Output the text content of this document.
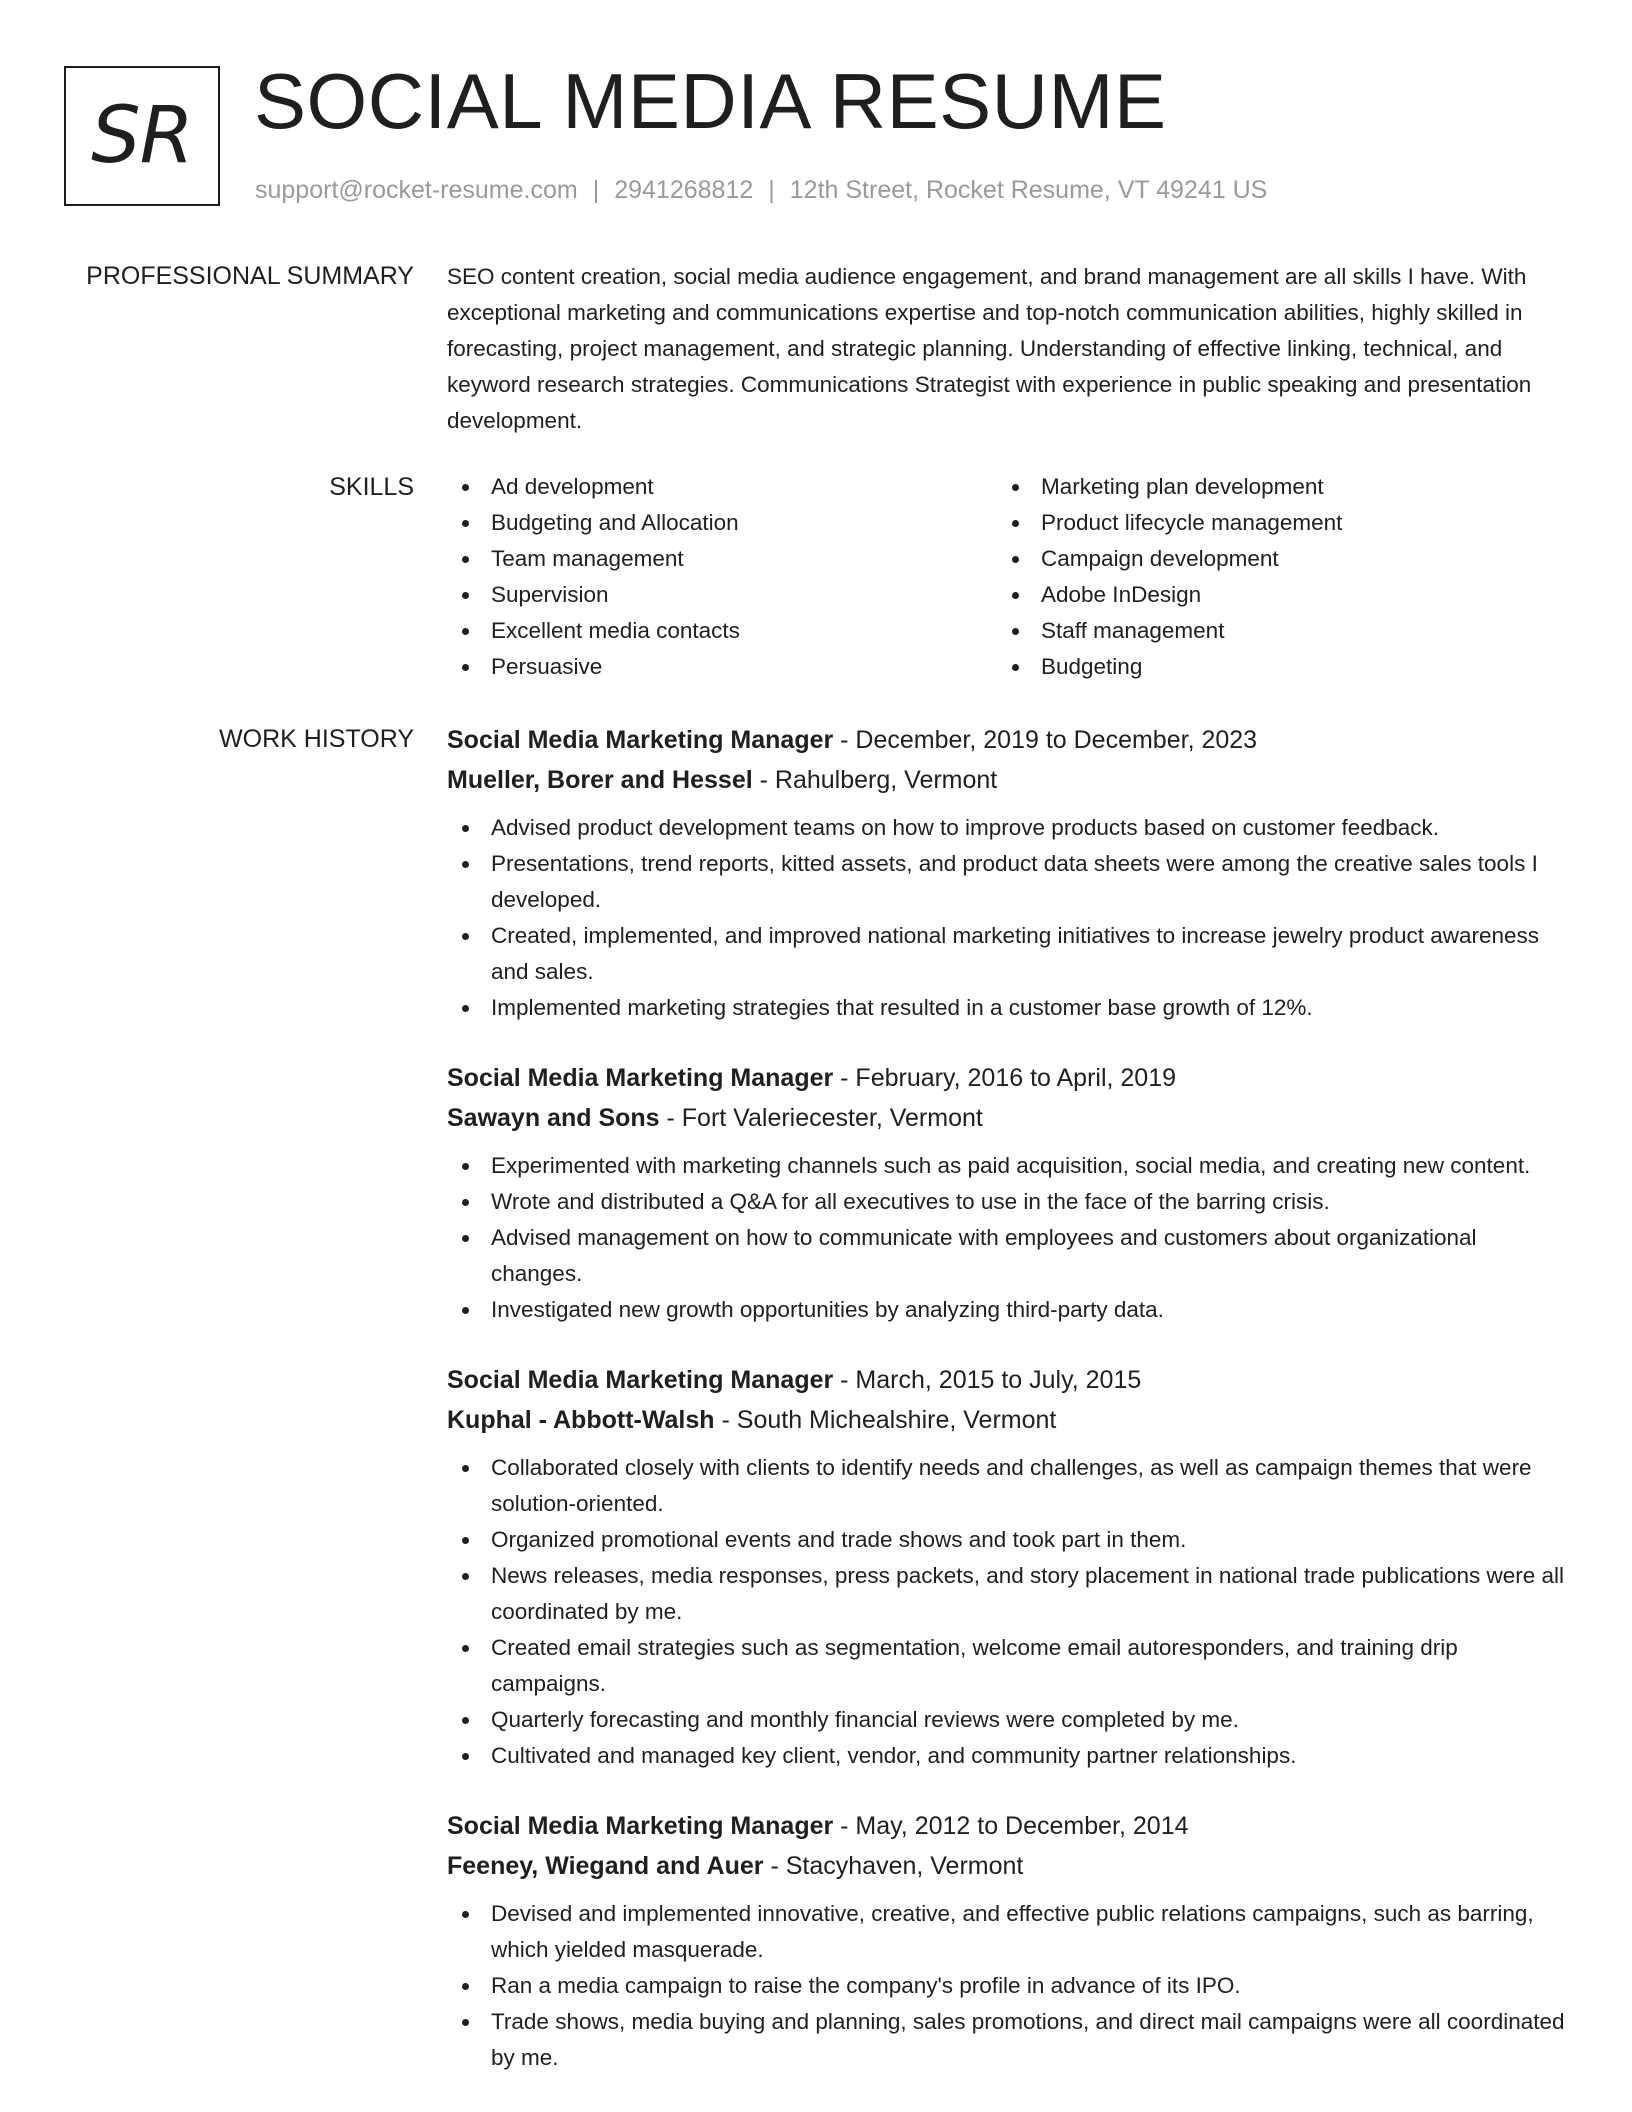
SR SOCIAL MEDIA RESUME
support@rocket-resume.com | 2941268812 | 12th Street, Rocket Resume, VT 49241 US
PROFESSIONAL SUMMARY SEO content creation, social media audience engagement, and brand management are all skills I have. With exceptional marketing and communications expertise and top-notch communication abilities, highly skilled in forecasting, project management, and strategic planning. Understanding of effective linking, technical, and keyword research strategies. Communications Strategist with experience in public speaking and presentation development.
SKILLS	Ad development
Budgeting and Allocation
Team management
Supervision
Excellent media contacts
Persuasive
Marketing plan development
Product lifecycle management
Campaign development
Adobe InDesign
Staff management
Budgeting
WORK HISTORY Social Media Marketing Manager - December, 2019 to December, 2023
Mueller, Borer and Hessel - Rahulberg, Vermont
Advised product development teams on how to improve products based on customer feedback.
Presentations, trend reports, kitted assets, and product data sheets were among the creative sales tools I developed.
Created, implemented, and improved national marketing initiatives to increase jewelry product awareness and sales.
Implemented marketing strategies that resulted in a customer base growth of 12%.
Social Media Marketing Manager - February, 2016 to April, 2019
Sawayn and Sons - Fort Valeriecester, Vermont
Experimented with marketing channels such as paid acquisition, social media, and creating new content.
Wrote and distributed a Q&A for all executives to use in the face of the barring crisis.
Advised management on how to communicate with employees and customers about organizational changes.
Investigated new growth opportunities by analyzing third-party data.
Social Media Marketing Manager - March, 2015 to July, 2015
Kuphal - Abbott-Walsh - South Michealshire, Vermont
Collaborated closely with clients to identify needs and challenges, as well as campaign themes that were solution-oriented.
Organized promotional events and trade shows and took part in them.
News releases, media responses, press packets, and story placement in national trade publications were all coordinated by me.
Created email strategies such as segmentation, welcome email autoresponders, and training drip campaigns.
Quarterly forecasting and monthly financial reviews were completed by me.
Cultivated and managed key client, vendor, and community partner relationships.
Social Media Marketing Manager - May, 2012 to December, 2014
Feeney, Wiegand and Auer - Stacyhaven, Vermont
Devised and implemented innovative, creative, and effective public relations campaigns, such as barring, which yielded masquerade.
Ran a media campaign to raise the company's profile in advance of its IPO.
Trade shows, media buying and planning, sales promotions, and direct mail campaigns were all coordinated by me.
